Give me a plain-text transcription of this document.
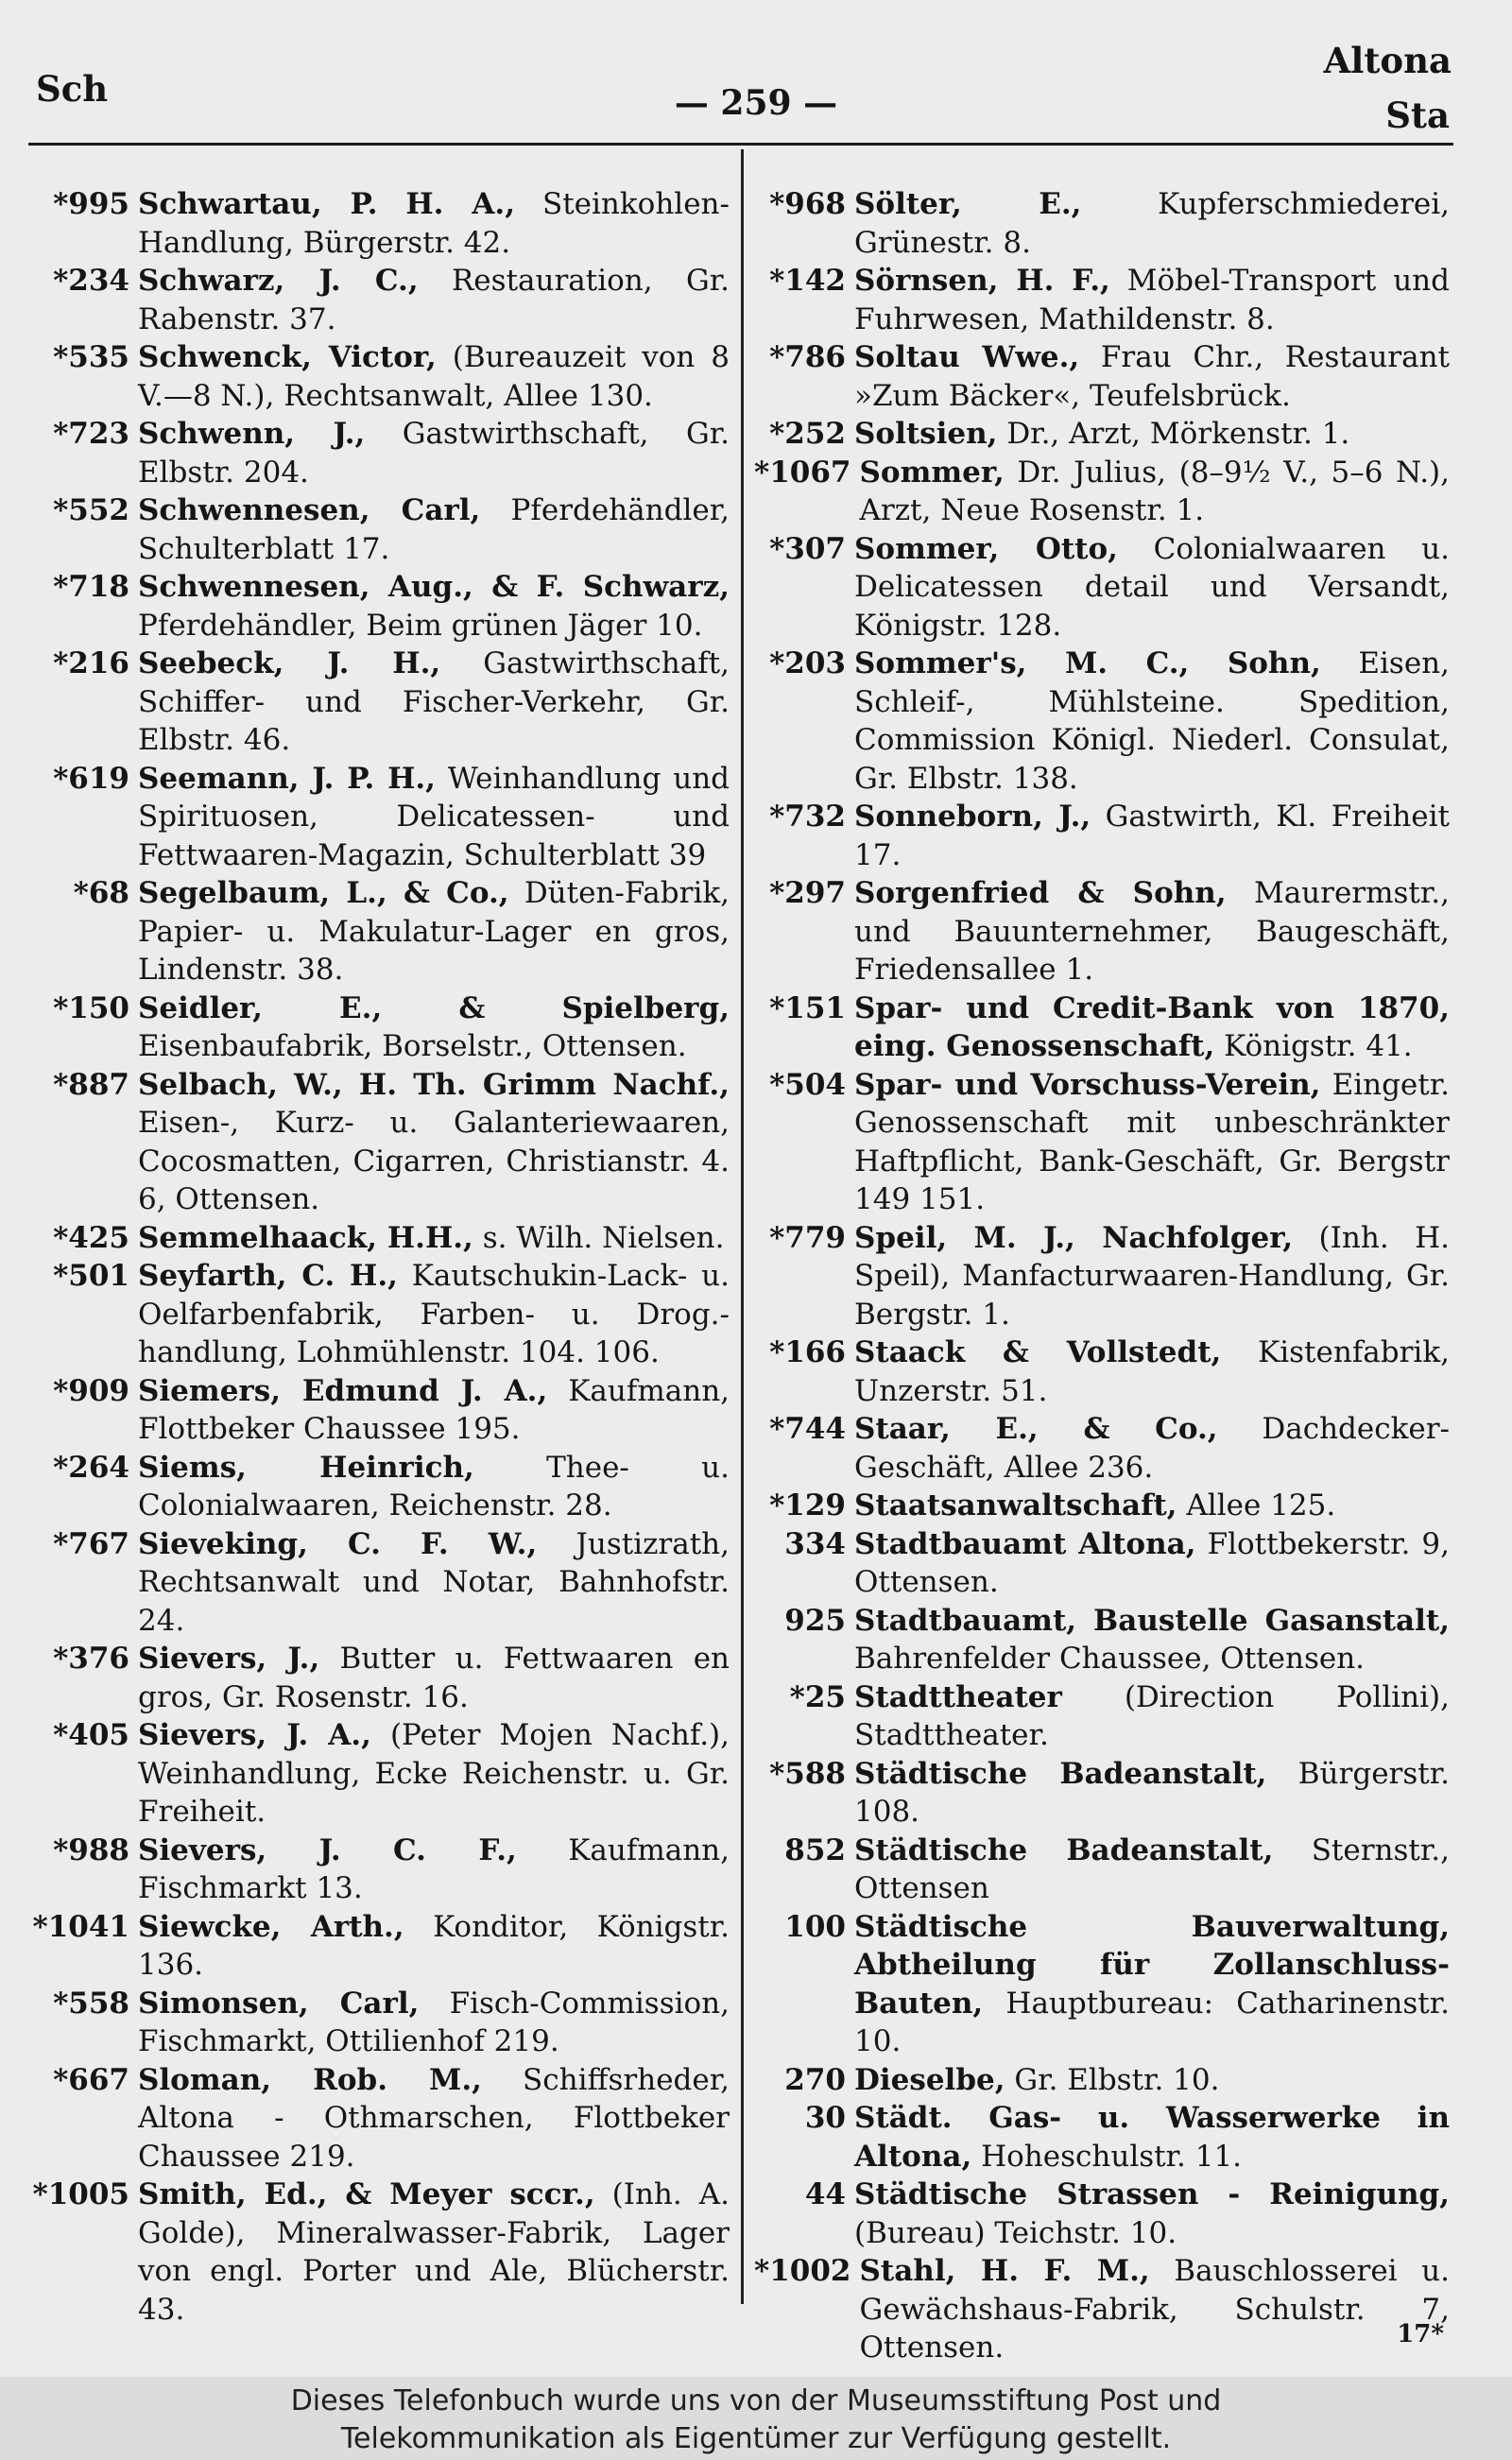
Sch	— 259 —
Altona
Sta
*995 Schwartau, P. H. A., Steinkohlen-Handlung, Bürgerstr. 42.
*234 Schwarz, J. C., Restauration, Gr. Rabenstr. 37.
*535 Schwenck, Victor, (Bureauzeit von 8 V.—8 N.), Rechtsanwalt, Allee 130.
*723 Schwenn, J., Gastwirthschaft, Gr. Elbstr. 204.
*552 Schwennesen, Carl, Pferdehändler, Schulterblatt 17.
*718 Schwennesen, Aug., & F. Schwarz, Pferdehändler, Beim grünen Jäger 10.
*216 Seebeck, J. H., Gastwirthschaft, Schiffer- und Fischer-Verkehr, Gr. Elbstr. 46.
*619 Seemann, J. P. H., Weinhandlung und Spirituosen, Delicatessen- und Fettwaaren-Magazin, Schulterblatt 39
*68 Segelbaum, L., & Co., Düten-Fabrik, Papier- u. Makulatur-Lager en gros, Lindenstr. 38.
*150 Seidler, E., & Spielberg, Eisenbaufabrik, Borselstr., Ottensen.
*887 Selbach, W., H. Th. Grimm Nachf., Eisen-, Kurz- u. Galanteriewaaren, Cocosmatten, Cigarren, Christianstr. 4. 6, Ottensen.
*425 Semmelhaack, H.H., s. Wilh. Nielsen.
*501 Seyfarth, C. H., Kautschukin-Lack- u. Oelfarbenfabrik, Farben- u. Drog.-handlung, Lohmühlenstr. 104. 106.
*909 Siemers, Edmund J. A., Kaufmann, Flottbeker Chaussee 195.
*264 Siems, Heinrich, Thee- u. Colonialwaaren, Reichenstr. 28.
*767 Sieveking, C. F. W., Justizrath, Rechtsanwalt und Notar, Bahnhofstr. 24.
*376 Sievers, J., Butter u. Fettwaaren en gros, Gr. Rosenstr. 16.
*405 Sievers, J. A., (Peter Mojen Nachf.), Weinhandlung, Ecke Reichenstr. u. Gr. Freiheit.
*988 Sievers, J. C. F., Kaufmann, Fischmarkt 13.
*1041 Siewcke, Arth., Konditor, Königstr. 136.
*558 Simonsen, Carl, Fisch-Commission, Fischmarkt, Ottilienhof 219.
*667 Sloman, Rob. M., Schiffsrheder, Altona - Othmarschen, Flottbeker Chaussee 219.
*1005 Smith, Ed., & Meyer sccr., (Inh. A. Golde), Mineralwasser-Fabrik, Lager von engl. Porter und Ale, Blücherstr. 43.
*968 Sölter, E.,	Kupferschmiederei, Grünestr. 8.
*142 Sörnsen, H. F., Möbel-Transport und Fuhrwesen, Mathildenstr. 8.
*786 Soltau Wwe., Frau Chr., Restaurant »Zum Bäcker«, Teufelsbrück.
*252 Soltsien, Dr., Arzt, Mörkenstr. 1.
*1067 Sommer, Dr. Julius, (8–9½ V., 5–6 N.), Arzt, Neue Rosenstr. 1.
*307 Sommer, Otto, Colonialwaaren u. Delicatessen detail und Versandt, Königstr. 128.
*203 Sommer's, M. C., Sohn, Eisen, Schleif-, Mühlsteine. Spedition, Commission Königl. Niederl. Consulat, Gr. Elbstr. 138.
*732 Sonneborn, J., Gastwirth, Kl. Freiheit 17.
*297 Sorgenfried & Sohn, Maurermstr., und Bauunternehmer, Baugeschäft, Friedensallee 1.
*151 Spar- und Credit-Bank von 1870, eing. Genossenschaft, Königstr. 41.
*504 Spar- und Vorschuss-Verein, Eingetr. Genossenschaft mit unbeschränkter Haftpflicht, Bank-Geschäft, Gr. Bergstr 149 151.
*779 Speil, M. J., Nachfolger, (Inh. H. Speil), Manfacturwaaren-Handlung, Gr. Bergstr. 1.
*166 Staack & Vollstedt, Kistenfabrik, Unzerstr. 51.
*744 Staar, E., & Co., Dachdecker-Geschäft, Allee 236.
*129 Staatsanwaltschaft, Allee 125.
334 Stadtbauamt Altona, Flottbekerstr. 9, Ottensen.
925 Stadtbauamt, Baustelle Gasanstalt, Bahrenfelder Chaussee, Ottensen.
*25 Stadttheater (Direction Pollini), Stadttheater.
*588 Städtische Badeanstalt, Bürgerstr. 108.
852 Städtische Badeanstalt, Sternstr., Ottensen
100 Städtische Bauverwaltung, Abtheilung für Zollanschluss-Bauten, Hauptbureau: Catharinenstr. 10.
270 Dieselbe, Gr. Elbstr. 10.
30 Städt. Gas- u. Wasserwerke in Altona, Hoheschulstr. 11.
44 Städtische Strassen - Reinigung, (Bureau) Teichstr. 10.
*1002 Stahl, H. F. M., Bauschlosserei u. Gewächshaus-Fabrik, Schulstr. 7, Ottensen.	17*
Dieses Telefonbuch wurde uns von der Museumsstiftung Post und
Telekommunikation als Eigentümer zur Verfügung gestellt.
